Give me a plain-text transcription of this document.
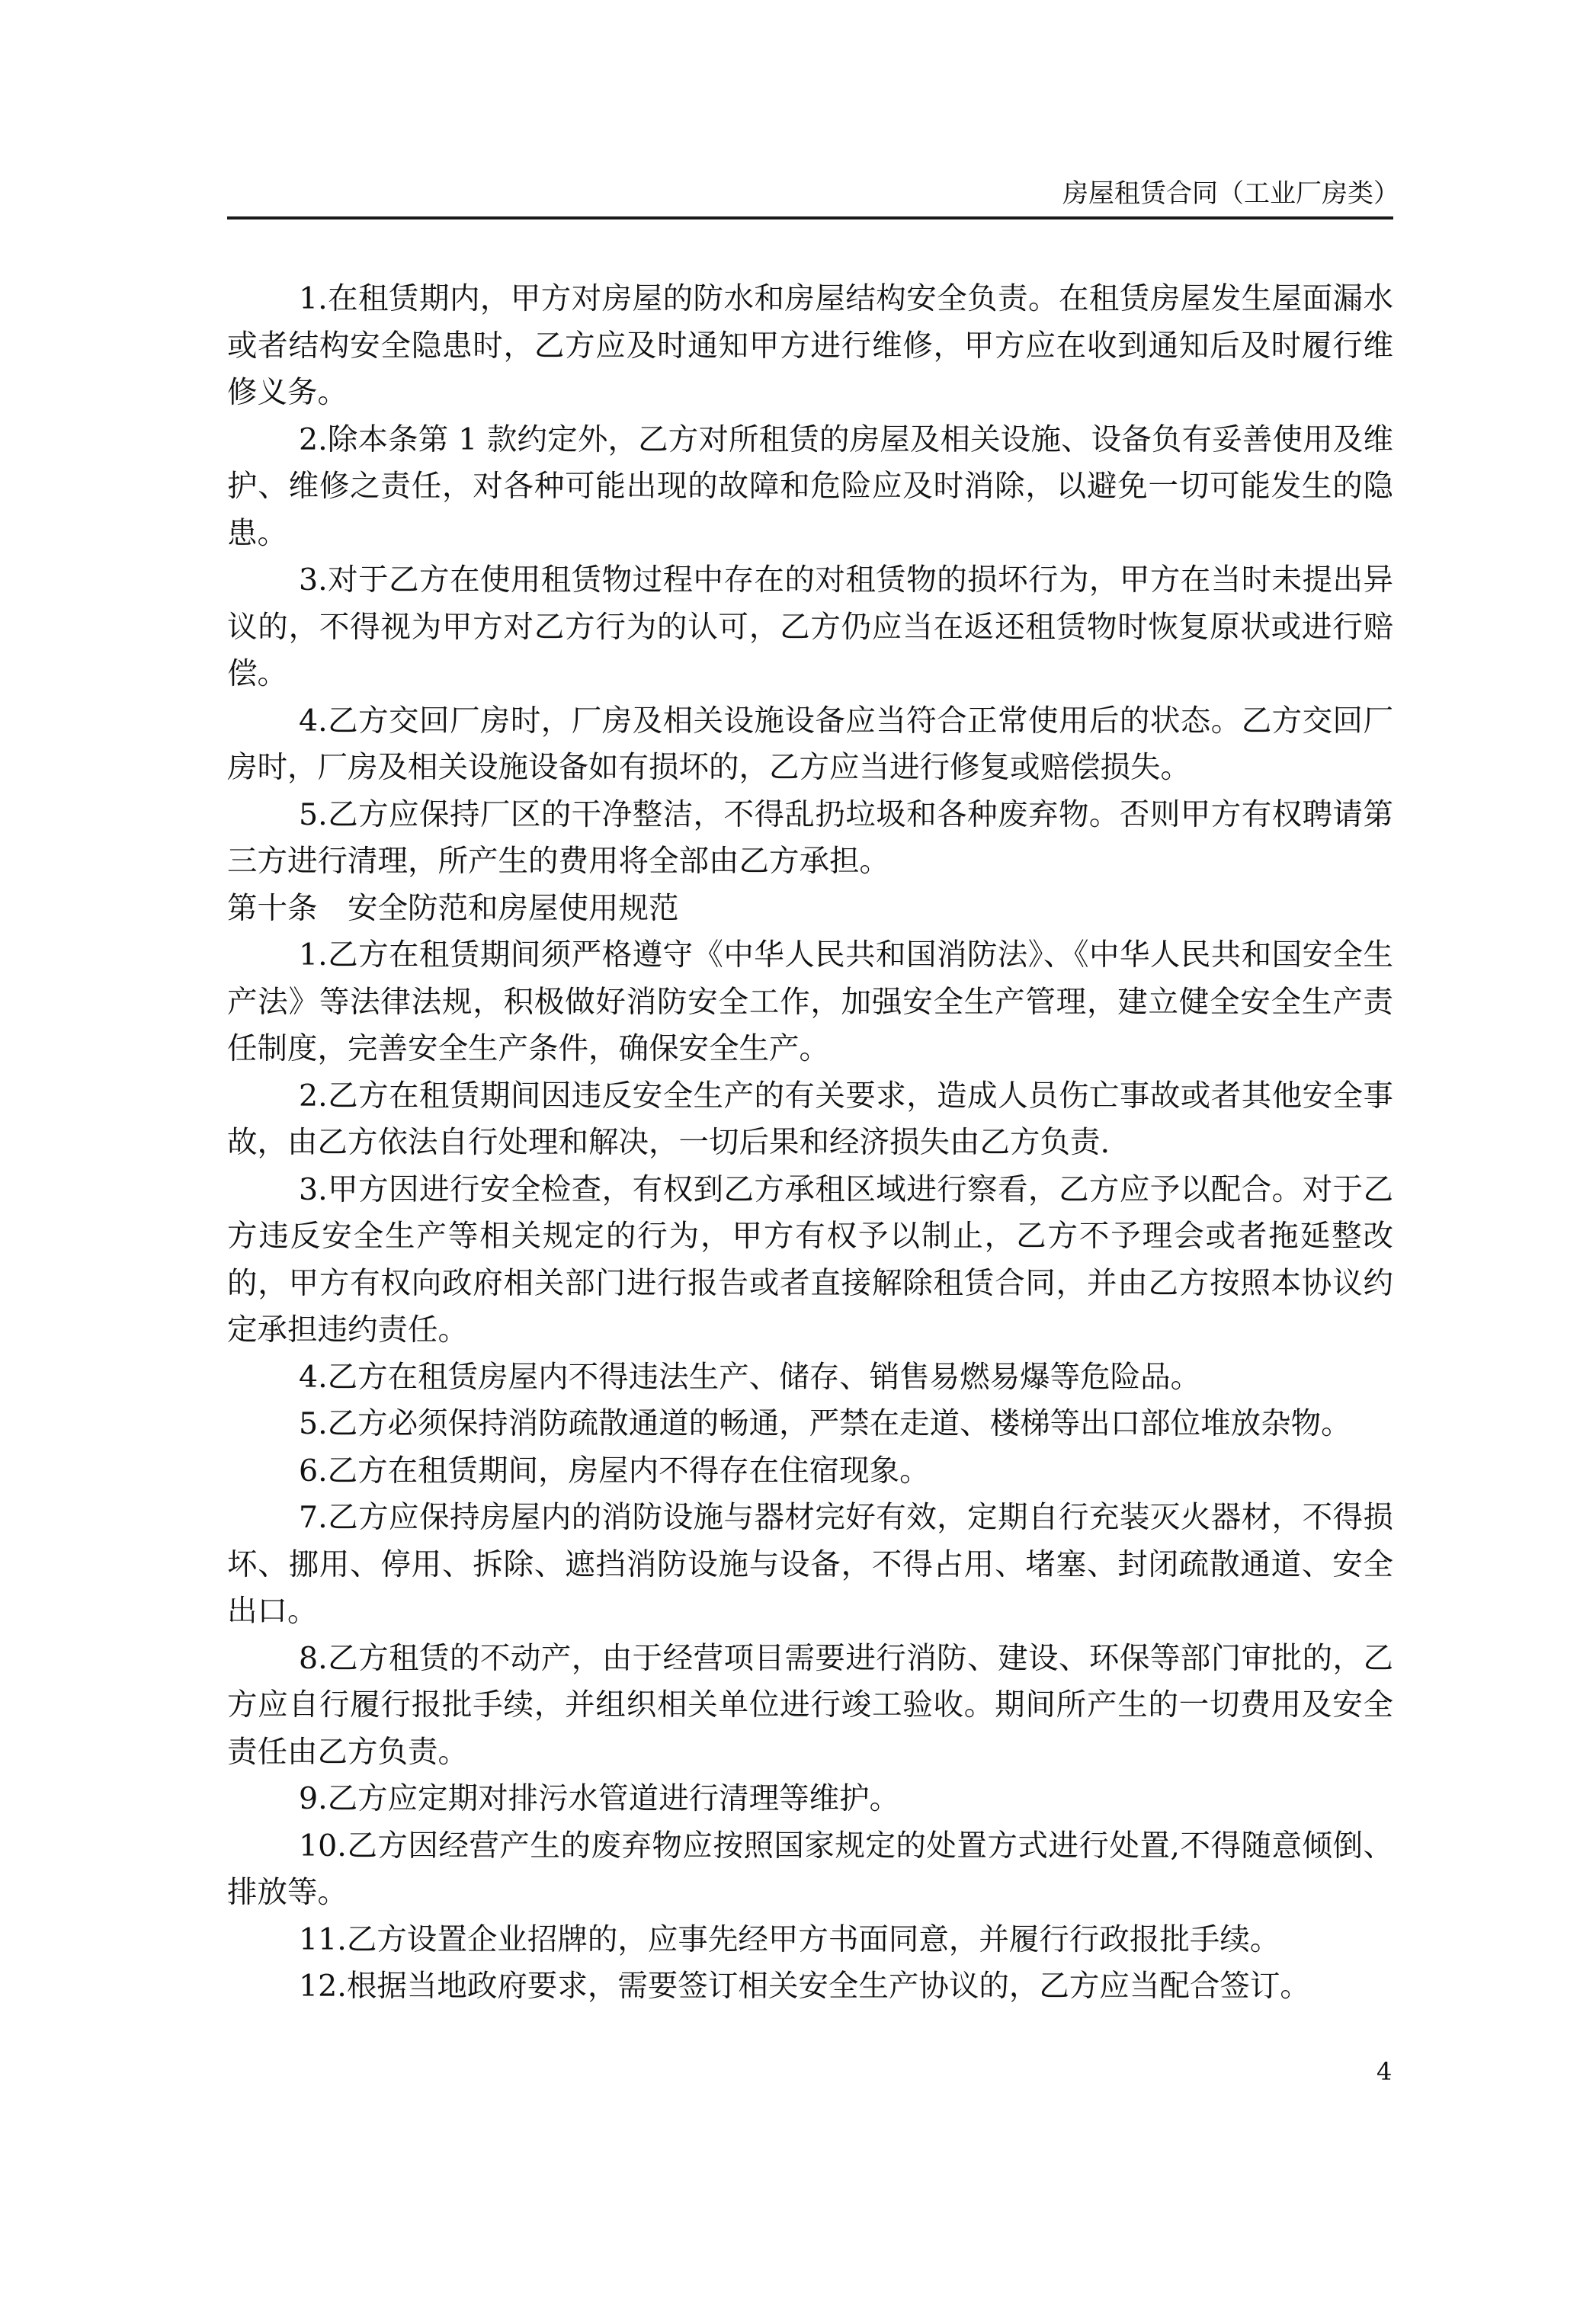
房屋租赁合同（工业厂房类）

1.在租赁期内，甲方对房屋的防水和房屋结构安全负责。在租赁房屋发生屋面漏水或者结构安全隐患时，乙方应及时通知甲方进行维修，甲方应在收到通知后及时履行维修义务。

2.除本条第 1 款约定外，乙方对所租赁的房屋及相关设施、设备负有妥善使用及维护、维修之责任，对各种可能出现的故障和危险应及时消除，以避免一切可能发生的隐患。

3.对于乙方在使用租赁物过程中存在的对租赁物的损坏行为，甲方在当时未提出异议的，不得视为甲方对乙方行为的认可，乙方仍应当在返还租赁物时恢复原状或进行赔偿。

4.乙方交回厂房时，厂房及相关设施设备应当符合正常使用后的状态。乙方交回厂房时，厂房及相关设施设备如有损坏的，乙方应当进行修复或赔偿损失。

5.乙方应保持厂区的干净整洁，不得乱扔垃圾和各种废弃物。否则甲方有权聘请第三方进行清理，所产生的费用将全部由乙方承担。

第十条　安全防范和房屋使用规范

1.乙方在租赁期间须严格遵守《中华人民共和国消防法》、《中华人民共和国安全生产法》等法律法规，积极做好消防安全工作，加强安全生产管理，建立健全安全生产责任制度，完善安全生产条件，确保安全生产。

2.乙方在租赁期间因违反安全生产的有关要求，造成人员伤亡事故或者其他安全事故，由乙方依法自行处理和解决，一切后果和经济损失由乙方负责.

3.甲方因进行安全检查，有权到乙方承租区域进行察看，乙方应予以配合。对于乙方违反安全生产等相关规定的行为，甲方有权予以制止，乙方不予理会或者拖延整改的，甲方有权向政府相关部门进行报告或者直接解除租赁合同，并由乙方按照本协议约定承担违约责任。

4.乙方在租赁房屋内不得违法生产、储存、销售易燃易爆等危险品。

5.乙方必须保持消防疏散通道的畅通，严禁在走道、楼梯等出口部位堆放杂物。

6.乙方在租赁期间，房屋内不得存在住宿现象。

7.乙方应保持房屋内的消防设施与器材完好有效，定期自行充装灭火器材，不得损坏、挪用、停用、拆除、遮挡消防设施与设备，不得占用、堵塞、封闭疏散通道、安全出口。

8.乙方租赁的不动产，由于经营项目需要进行消防、建设、环保等部门审批的，乙方应自行履行报批手续，并组织相关单位进行竣工验收。期间所产生的一切费用及安全责任由乙方负责。

9.乙方应定期对排污水管道进行清理等维护。

10.乙方因经营产生的废弃物应按照国家规定的处置方式进行处置,不得随意倾倒、排放等。

11.乙方设置企业招牌的，应事先经甲方书面同意，并履行行政报批手续。

12.根据当地政府要求，需要签订相关安全生产协议的，乙方应当配合签订。

4
